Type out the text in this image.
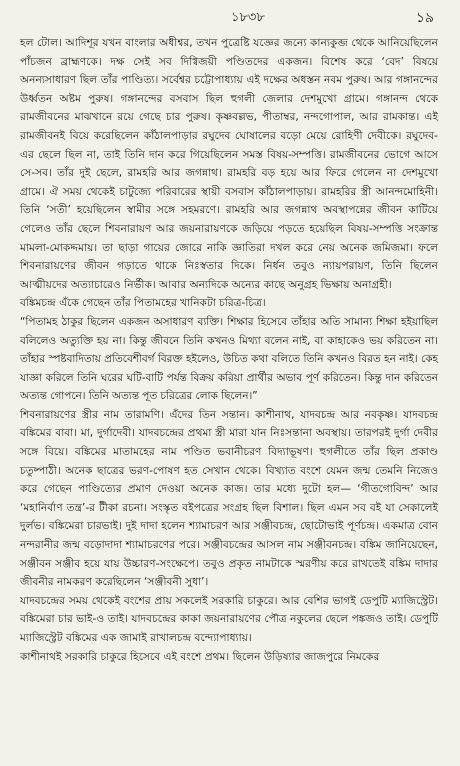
১৮৩৮	১৯

হল টোল। আদিশূর যখন বাংলার অধীশ্বর, তখন পুত্রেষ্টি যজ্ঞের জন্যে কান্যকুব্জ থেকে আনিয়েছিলেন পাঁচজন ব্রাহ্মণকে। দক্ষ সেই সব দিগ্বিজয়ী পণ্ডিতদের একজন। বিশেষ করে ‘বেদ’ বিষয়ে অনন্যসাধারণ ছিল তাঁর পাণ্ডিত্য। সর্বেশ্বর চট্টোপাধ্যায় এই দক্ষের অধস্তন নবম পুরুষ। আর গঙ্গানন্দের উর্ধ্বতন অষ্টম পুরুষ। গঙ্গানন্দের বসবাস ছিল হুগলী জেলার দেশমুখো গ্রামে। গঙ্গানন্দ থেকে রামজীবনের মাঝখানে রয়ে গেছে চার পুরুষ। কৃষ্ণবল্লভ, পীতাম্বর, নন্দগোপাল, আর রামকান্ত। এই রামজীবনই বিয়ে করেছিলেন কাঁঠালপাড়ার রঘুদেব ঘোষালের বড়ো মেয়ে রোহিণী দেবীকে। রঘুদেব-এর ছেলে ছিল না, তাই তিনি দান করে গিয়েছিলেন সমস্ত বিষয়-সম্পত্তি। রামজীবনের ভোগে আসে সে-সব। তাঁর দুই ছেলে, রামহরি আর জগন্নাথ। রামহরি বড় হয়ে আর ফিরে গেলেন না দেশমুখো গ্রামে। ঐ সময় থেকেই চাটুজ্যে পরিবারের স্থায়ী বসবাস কাঁঠালপাড়ায়। রামহরির স্ত্রী আনন্দমোহিনী। তিনি ‘সতী’ হয়েছিলেন স্বামীর সঙ্গে সহমরণে। রামহরি আর জগন্নাথ অবস্থাপন্নের জীবন কাটিয়ে গেলেও তাঁর ছেলে শিবনারায়ণ আর জয়নারায়ণকে জড়িয়ে পড়তে হয়েছিল বিষয়-সম্পত্তি সংক্রান্ত মামলা-মোকদ্দমায়। তা ছাড়া গায়ের জোরে নাকি জ্ঞাতিরা দখল করে নেয় অনেক জমিজমা। ফলে শিবনারায়ণের জীবন গড়াতে থাকে নিঃস্বতার দিকে। নির্ধন তবুও ন্যায়পরায়ণ, তিনি ছিলেন আত্মীয়দের অত্যাচারেও নির্ভীক। আবার অন্যদিকে অন্যের কাছে অনুগ্রহ ভিক্ষায় অনাগ্রহী।

বঙ্কিমচন্দ্র এঁকে গেছেন তাঁর পিতামহের খানিকটা চরিত্র-চিত্র।

“পিতামহ ঠাকুর ছিলেন একজন অসাধারণ ব্যক্তি। শিক্ষার হিসেবে তাঁহার অতি সামান্য শিক্ষা হইয়াছিল বলিলেও অত্যুক্তি হয় না। কিন্তু জীবনে তিনি কখনও মিথ্যা বলেন নাই, বা কাহাকেও ভয় করিতেন না। তাঁহার স্পষ্টবাদিতায় প্রতিবেশীবর্গ বিরক্ত হইলেও, উচিত কথা বলিতে তিনি কখনও বিরত হন নাই। কেহ যাজ্ঞা করিলে তিনি ঘরের ঘটি-বাটি পর্যন্ত বিক্রয় করিয়া প্রার্থীর অভাব পূর্ণ করিতেন। কিন্তু দান করিতেন অত্যন্ত গোপনে। তিনি অত্যন্ত পূত চরিত্রের লোক ছিলেন।”

শিবনারায়ণের স্ত্রীর নাম তারামণি। এঁদের তিন সন্তান। কাশীনাথ, যাদবচন্দ্র আর নবকৃষ্ণ। যাদবচন্দ্র বঙ্কিমের বাবা। মা, দুর্গাদেবী। যাদবচন্দ্রের প্রথমা স্ত্রী মারা যান নিঃসন্তানা অবস্থায়। তারপরই দুর্গা দেবীর সঙ্গে বিয়ে। বঙ্কিমের মাতামহের নাম পণ্ডিত ভবানীচরণ বিদ্যাভূষণ। হুগলীতে তাঁর ছিল প্রকাণ্ড চতুষ্পাঠী। অনেক ছাত্রের ভরণ-পোষণ হত সেখান থেকে। বিখ্যাত বংশে যেমন জন্ম তেমনি নিজেও করে গেছেন পাণ্ডিত্যের প্রমাণ দেওয়া অনেক কাজ। তার মধ্যে দুটো হল— ‘গীতগোবিন্দ’ আর ‘মহানির্বাণ তন্ত্র’-র টীকা রচনা। সংস্কৃত বইপত্রের সংগ্রহ ছিল বিশাল। ছিল এমন সব বই যা সেকালেই দুর্লভ। বঙ্কিমেরা চারভাই। দুই দাদা হলেন শ্যামাচরণ আর সঞ্জীবচন্দ্র, ছোটোভাই পূর্ণচন্দ্র। একমাত্র বোন নন্দরানীর জন্ম বড়োদাদা শ্যামাচরণের পরে। সঞ্জীবচন্দ্রের আসল নাম সঞ্জীবনচন্দ্র। বঙ্কিম জানিয়েছেন, সঞ্জীবন সঞ্জীব হয়ে যায় উচ্চারণ-সংক্ষেপে। তবুও প্রকৃত নামটাকে স্মরণীয় করে রাখতেই বঙ্কিম দাদার জীবনীর নামকরণ করেছিলেন ‘সঞ্জীবনী সুধা’।

যাদবচন্দ্রের সময় থেকেই বংশের প্রায় সকলেই সরকারি চাকুরে। আর বেশির ভাগই ডেপুটি ম্যাজিস্ট্রেট। বঙ্কিমেরা চার ভাই-ও তাই। যাদবচন্দ্রের কাকা জয়নারায়ণের পৌত্র নকুলের ছেলে পঙ্কজও তাই। ডেপুটি ম্যাজিস্ট্রেট বঙ্কিমের এক জামাই রাখালচন্দ্র বন্দ্যোপাধ্যায়।

কাশীনাথই সরকারি চাকুরে হিসেবে এই বংশে প্রথম। ছিলেন উড়িষ্যার জাজপুরে নিমকের
